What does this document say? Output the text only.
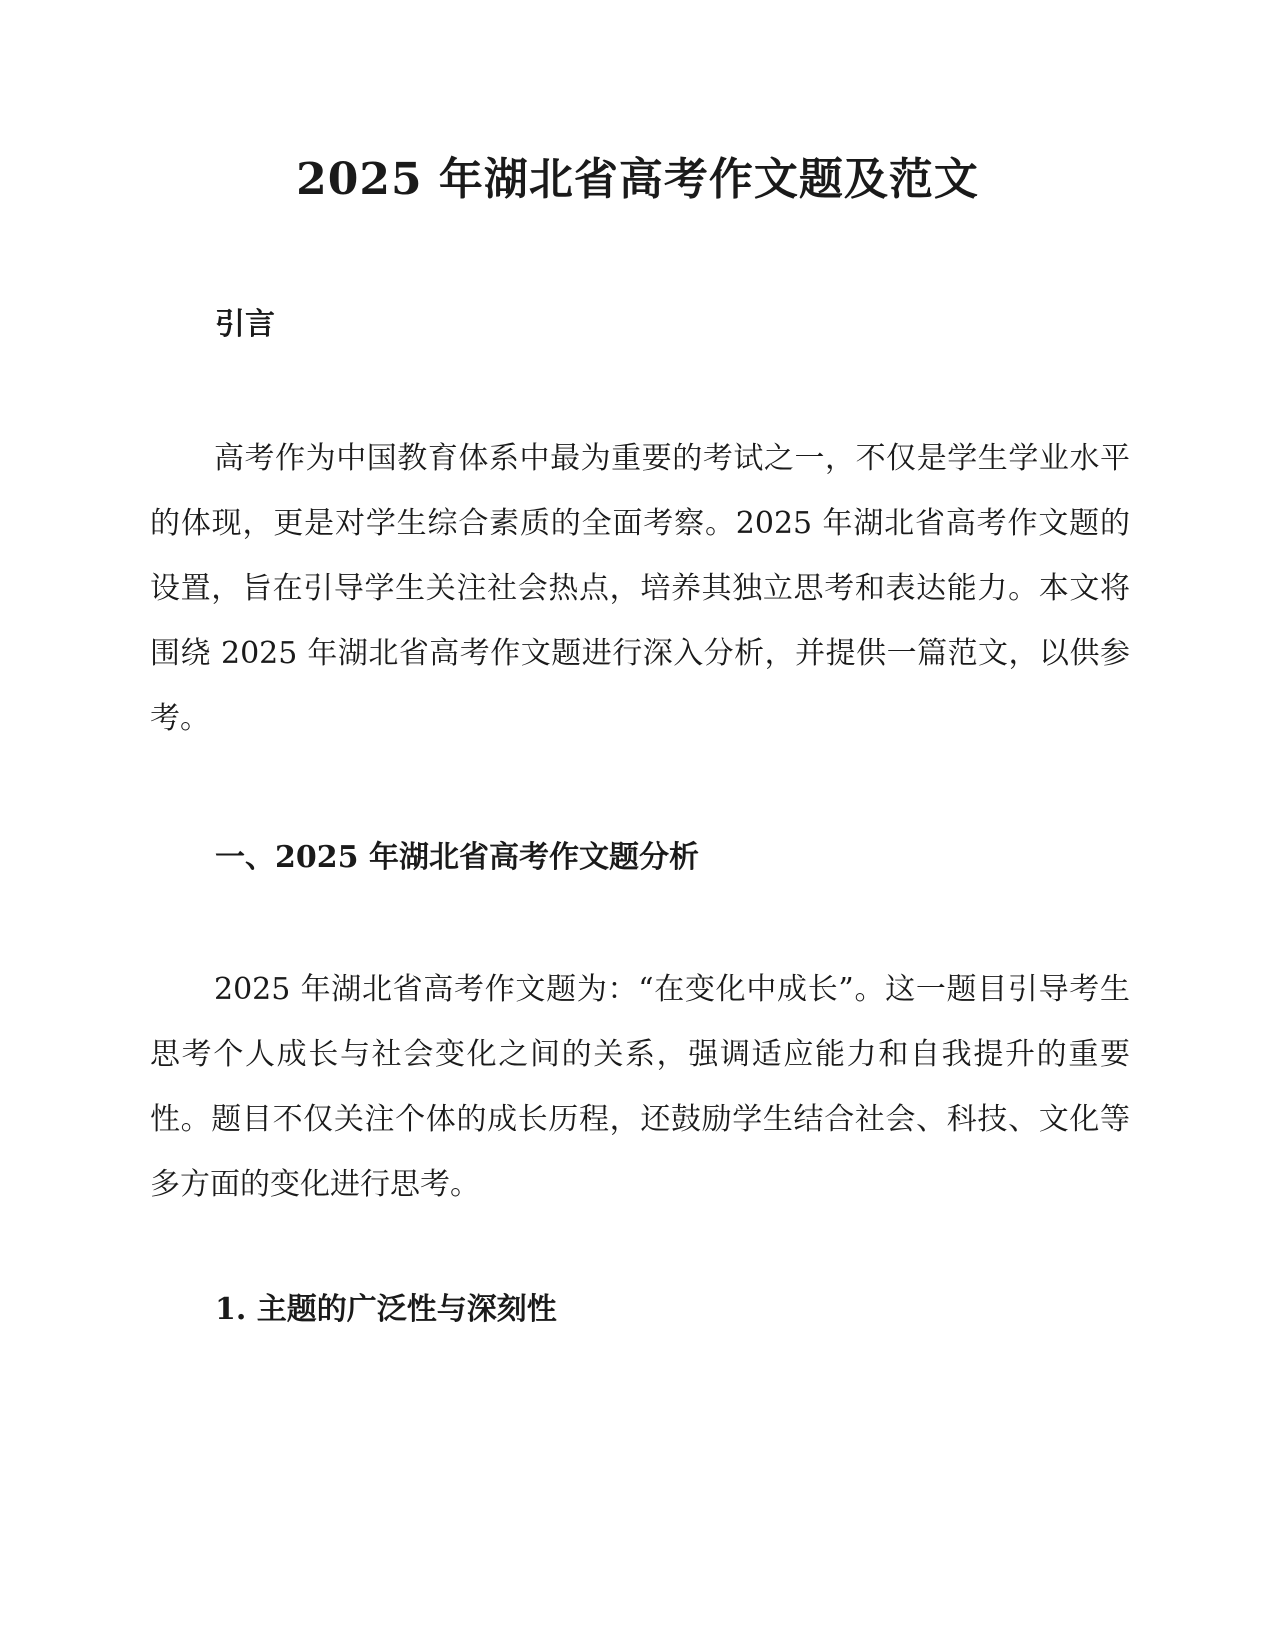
2025 年湖北省高考作文题及范文
引言

高考作为中国教育体系中最为重要的考试之一，不仅是学生学业水平的体现，更是对学生综合素质的全面考察。2025 年湖北省高考作文题的设置，旨在引导学生关注社会热点，培养其独立思考和表达能力。本文将围绕 2025 年湖北省高考作文题进行深入分析，并提供一篇范文，以供参考。

一、2025 年湖北省高考作文题分析

2025 年湖北省高考作文题为：“在变化中成长”。这一题目引导考生思考个人成长与社会变化之间的关系，强调适应能力和自我提升的重要性。题目不仅关注个体的成长历程，还鼓励学生结合社会、科技、文化等多方面的变化进行思考。

1. 主题的广泛性与深刻性
